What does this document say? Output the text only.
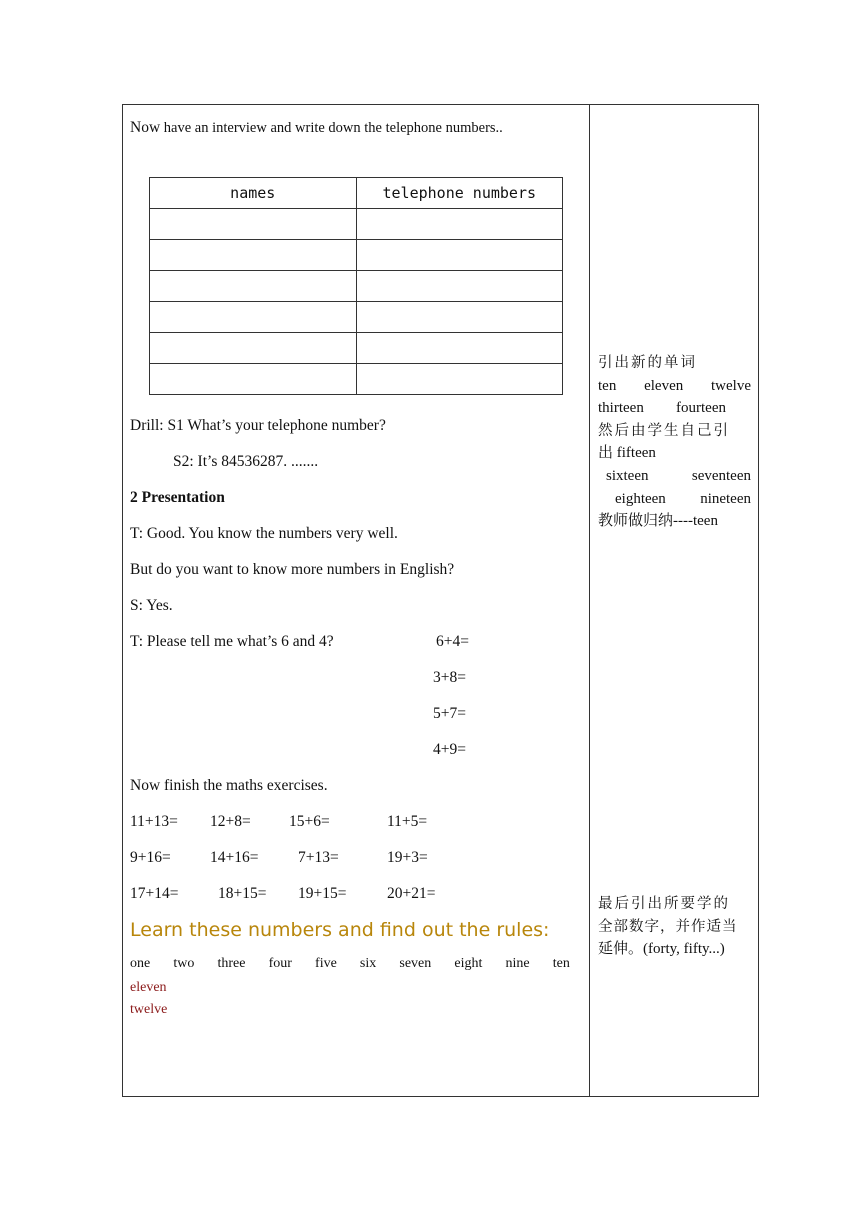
Now have an interview and write down the telephone numbers..
names	telephone numbers

Drill: S1 What’s your telephone number?
S2: It’s 84536287. .......
2 Presentation
T: Good. You know the numbers very well.
But do you want to know more numbers in English?
S: Yes.
T: Please tell me what’s 6 and 4?	6+4=
3+8=
5+7=
4+9=
Now finish the maths exercises.
11+13= 12+8= 15+6=	11+5=
9+16=	14+16=	7+13=	19+3=
17+14=	18+15= 19+15=	20+21=
Learn these numbers and find out the rules:
one two three four five six seven eight nine ten
eleven
twelve
引出新的单词
ten eleven twelve
thirteen fourteen
然后由学生自己引
出 fifteen
sixteen	seventeen
eighteen nineteen
教师做归纳----teen
最后引出所要学的
全部数字，并作适当
延伸。(forty, fifty...)
